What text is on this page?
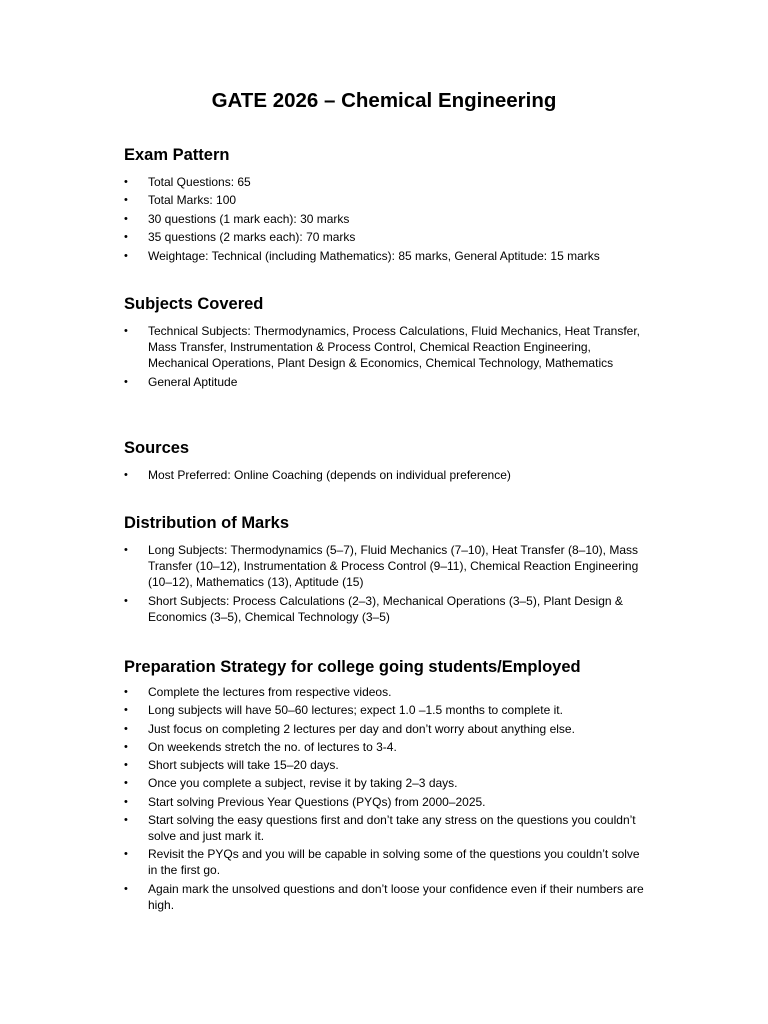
GATE 2026 – Chemical Engineering
Exam Pattern
•	Total Questions: 65
•	Total Marks: 100
•	30 questions (1 mark each): 30 marks
•	35 questions (2 marks each): 70 marks
•	Weightage: Technical (including Mathematics): 85 marks, General Aptitude: 15 marks
Subjects Covered
•	Technical Subjects: Thermodynamics, Process Calculations, Fluid Mechanics, Heat Transfer, Mass Transfer, Instrumentation & Process Control, Chemical Reaction Engineering,
Mechanical Operations, Plant Design & Economics, Chemical Technology, Mathematics
•	General Aptitude
Sources
•	Most Preferred: Online Coaching (depends on individual preference)
Distribution of Marks
•	Long Subjects: Thermodynamics (5–7), Fluid Mechanics (7–10), Heat Transfer (8–10), Mass Transfer (10–12), Instrumentation & Process Control (9–11), Chemical Reaction Engineering (10–12), Mathematics (13), Aptitude (15)
•	Short Subjects: Process Calculations (2–3), Mechanical Operations (3–5), Plant Design & Economics (3–5), Chemical Technology (3–5)
Preparation Strategy for college going students/Employed
•	Complete the lectures from respective videos.
•	Long subjects will have 50–60 lectures; expect 1.0 –1.5 months to complete it.
•	Just focus on completing 2 lectures per day and don’t worry about anything else.
•	On weekends stretch the no. of lectures to 3-4.
•	Short subjects will take 15–20 days.
•	Once you complete a subject, revise it by taking 2–3 days.
•	Start solving Previous Year Questions (PYQs) from 2000–2025.
•	Start solving the easy questions first and don’t take any stress on the questions you couldn’t solve and just mark it.
•	Revisit the PYQs and you will be capable in solving some of the questions you couldn’t solve in the first go.
•	Again mark the unsolved questions and don’t loose your confidence even if their numbers are high.
